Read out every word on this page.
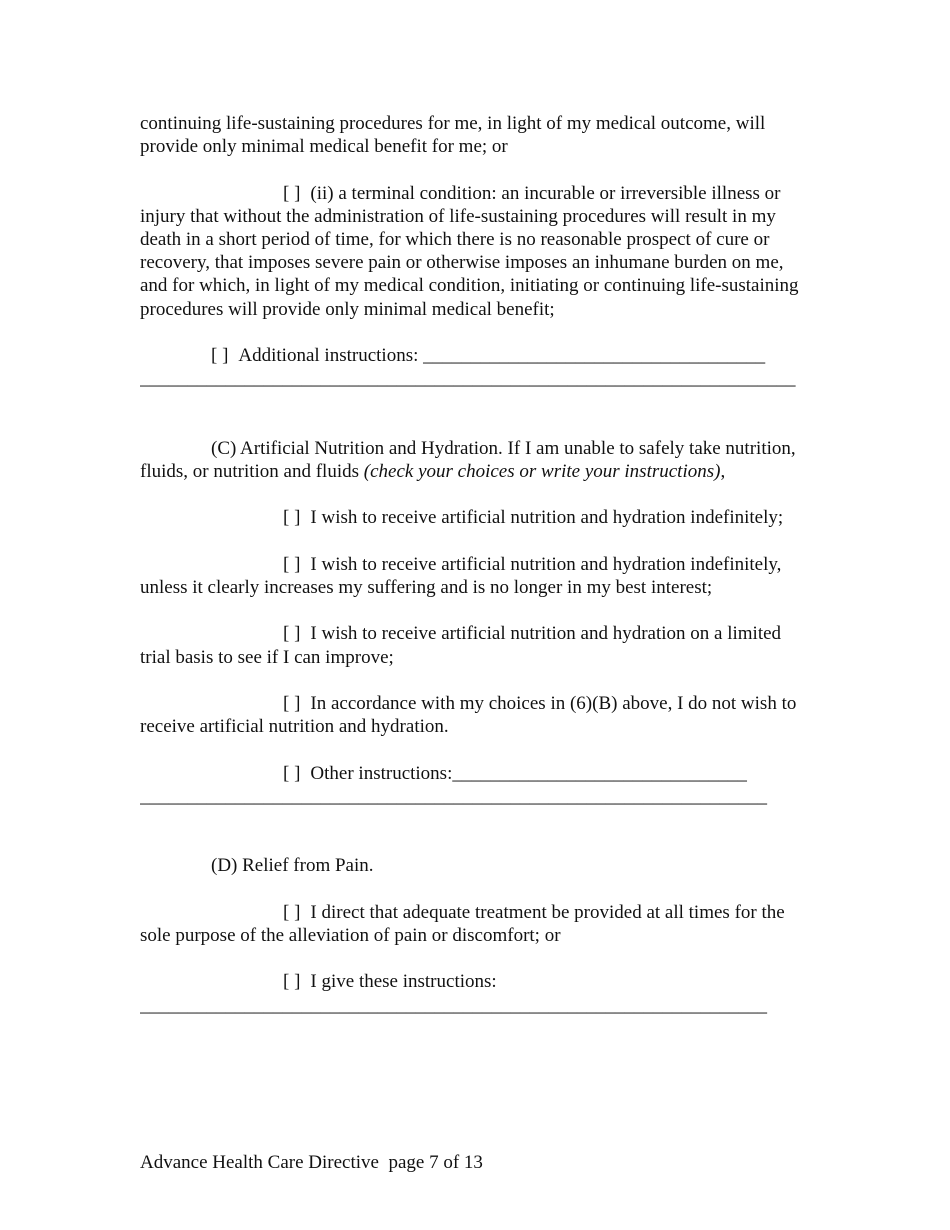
continuing life-sustaining procedures for me, in light of my medical outcome, will provide only minimal medical benefit for me; or

[ ] (ii) a terminal condition: an incurable or irreversible illness or injury that without the administration of life-sustaining procedures will result in my death in a short period of time, for which there is no reasonable prospect of cure or recovery, that imposes severe pain or otherwise imposes an inhumane burden on me, and for which, in light of my medical condition, initiating or continuing life-sustaining procedures will provide only minimal medical benefit;

[ ] Additional instructions: ____________________________________
_____________________________________________________________________

(C) Artificial Nutrition and Hydration. If I am unable to safely take nutrition, fluids, or nutrition and fluids (check your choices or write your instructions),

[ ] I wish to receive artificial nutrition and hydration indefinitely;

[ ] I wish to receive artificial nutrition and hydration indefinitely, unless it clearly increases my suffering and is no longer in my best interest;

[ ] I wish to receive artificial nutrition and hydration on a limited trial basis to see if I can improve;

[ ] In accordance with my choices in (6)(B) above, I do not wish to receive artificial nutrition and hydration.

[ ] Other instructions:_______________________________
__________________________________________________________________

(D) Relief from Pain.

[ ] I direct that adequate treatment be provided at all times for the sole purpose of the alleviation of pain or discomfort; or

[ ] I give these instructions:
__________________________________________________________________

Advance Health Care Directive  page 7 of 13
